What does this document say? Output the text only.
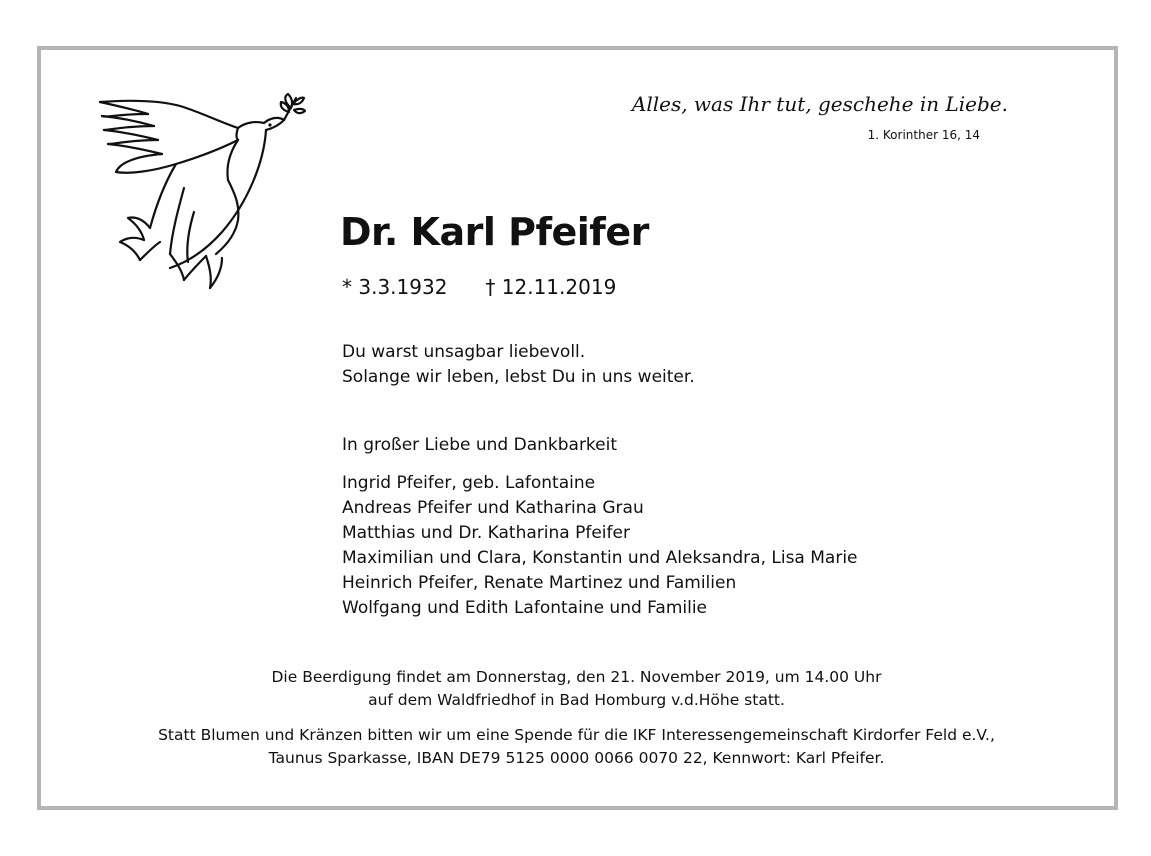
Alles, was Ihr tut, geschehe in Liebe.
1. Korinther 16, 14
Dr. Karl Pfeifer
* 3.3.1932 † 12.11.2019
Du warst unsagbar liebevoll.
Solange wir leben, lebst Du in uns weiter.
In großer Liebe und Dankbarkeit
Ingrid Pfeifer, geb. Lafontaine
Andreas Pfeifer und Katharina Grau
Matthias und Dr. Katharina Pfeifer
Maximilian und Clara, Konstantin und Aleksandra, Lisa Marie
Heinrich Pfeifer, Renate Martinez und Familien
Wolfgang und Edith Lafontaine und Familie
Die Beerdigung findet am Donnerstag, den 21. November 2019, um 14.00 Uhr
auf dem Waldfriedhof in Bad Homburg v.d.Höhe statt.
Statt Blumen und Kränzen bitten wir um eine Spende für die IKF Interessengemeinschaft Kirdorfer Feld e.V.,
Taunus Sparkasse, IBAN DE79 5125 0000 0066 0070 22, Kennwort: Karl Pfeifer.
